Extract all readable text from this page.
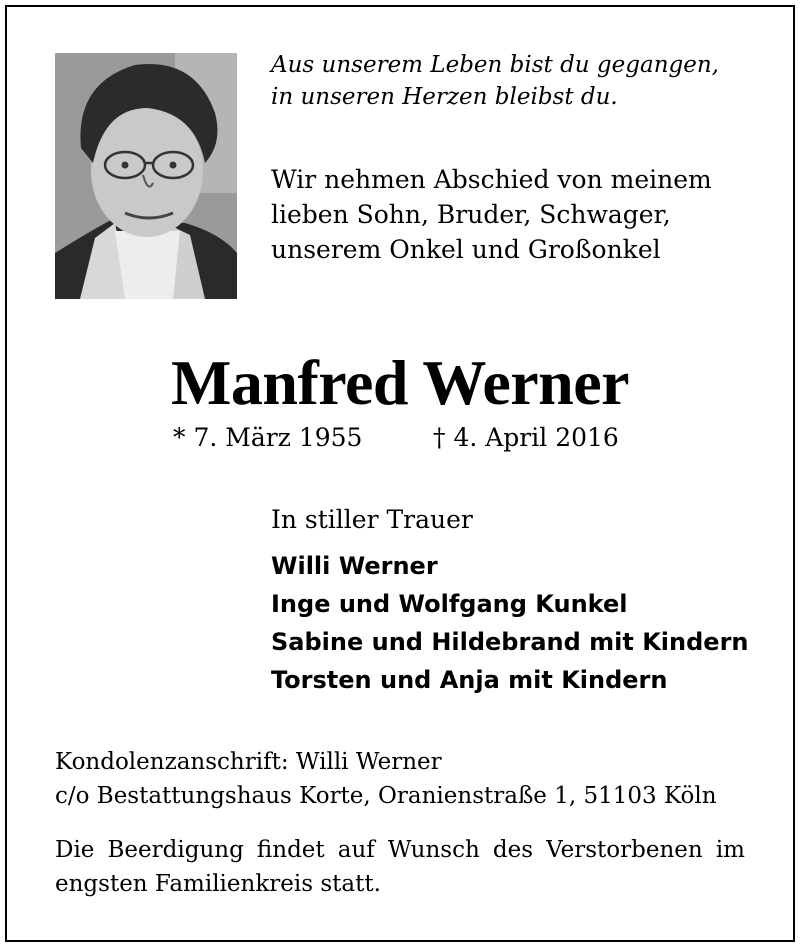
Aus unserem Leben bist du gegangen,
in unseren Herzen bleibst du.
Wir nehmen Abschied von meinem
lieben Sohn, Bruder, Schwager,
unserem Onkel und Großonkel
Manfred Werner
* 7. März 1955	† 4. April 2016
In stiller Trauer
Willi Werner
Inge und Wolfgang Kunkel
Sabine und Hildebrand mit Kindern
Torsten und Anja mit Kindern
Kondolenzanschrift: Willi Werner
c/o Bestattungshaus Korte, Oranienstraße 1, 51103 Köln
Die Beerdigung findet auf Wunsch des Verstorbenen im engsten Familienkreis statt.
